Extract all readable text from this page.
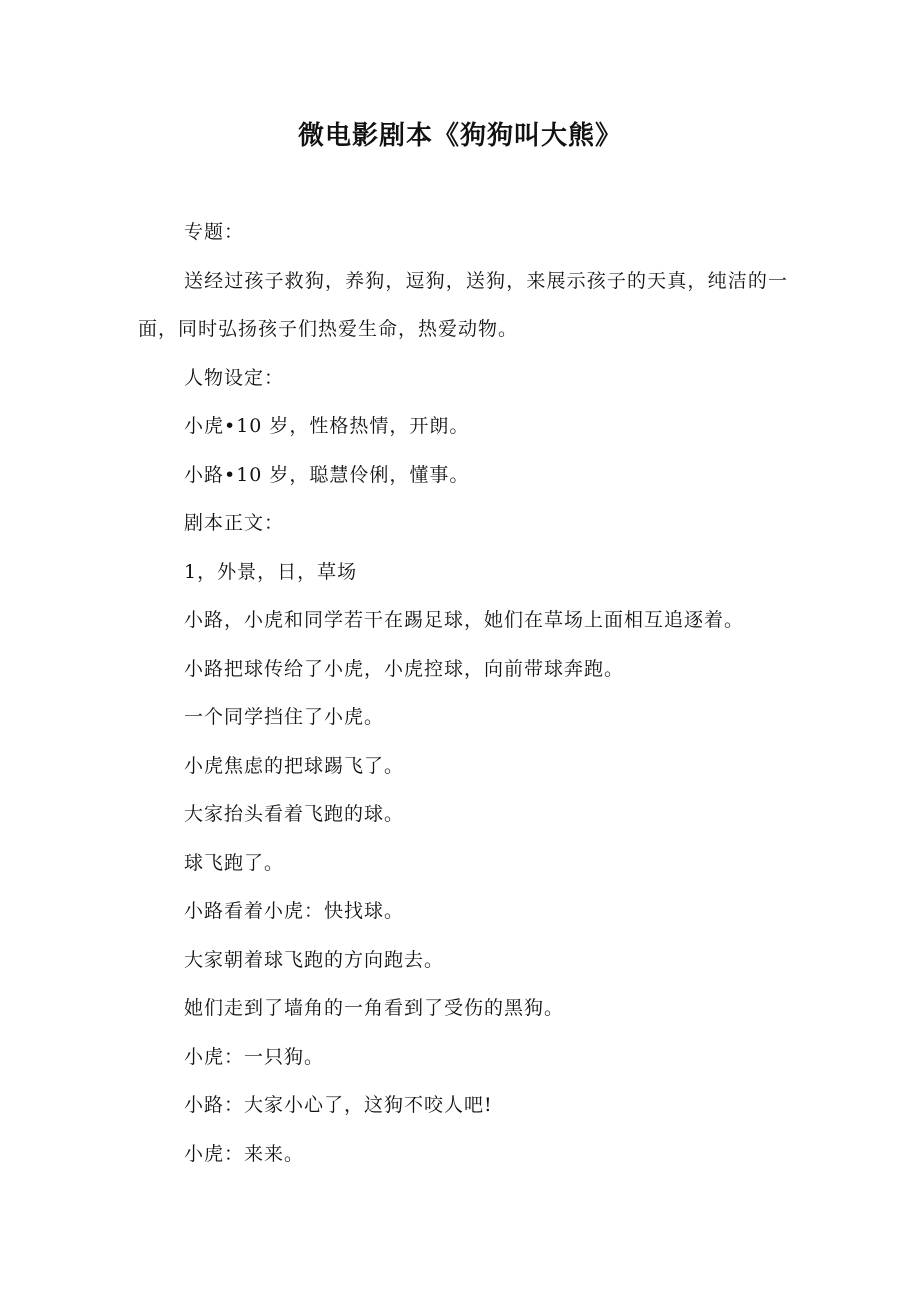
微电影剧本《狗狗叫大熊》

专题：

送经过孩子救狗，养狗，逗狗，送狗，来展示孩子的天真，纯洁的一面，同时弘扬孩子们热爱生命，热爱动物。

人物设定：

小虎•10 岁，性格热情，开朗。

小路•10 岁，聪慧伶俐，懂事。

剧本正文：

1，外景，日，草场

小路，小虎和同学若干在踢足球，她们在草场上面相互追逐着。

小路把球传给了小虎，小虎控球，向前带球奔跑。

一个同学挡住了小虎。

小虎焦虑的把球踢飞了。

大家抬头看着飞跑的球。

球飞跑了。

小路看着小虎：快找球。

大家朝着球飞跑的方向跑去。

她们走到了墙角的一角看到了受伤的黑狗。

小虎：一只狗。

小路：大家小心了，这狗不咬人吧!

小虎：来来。
